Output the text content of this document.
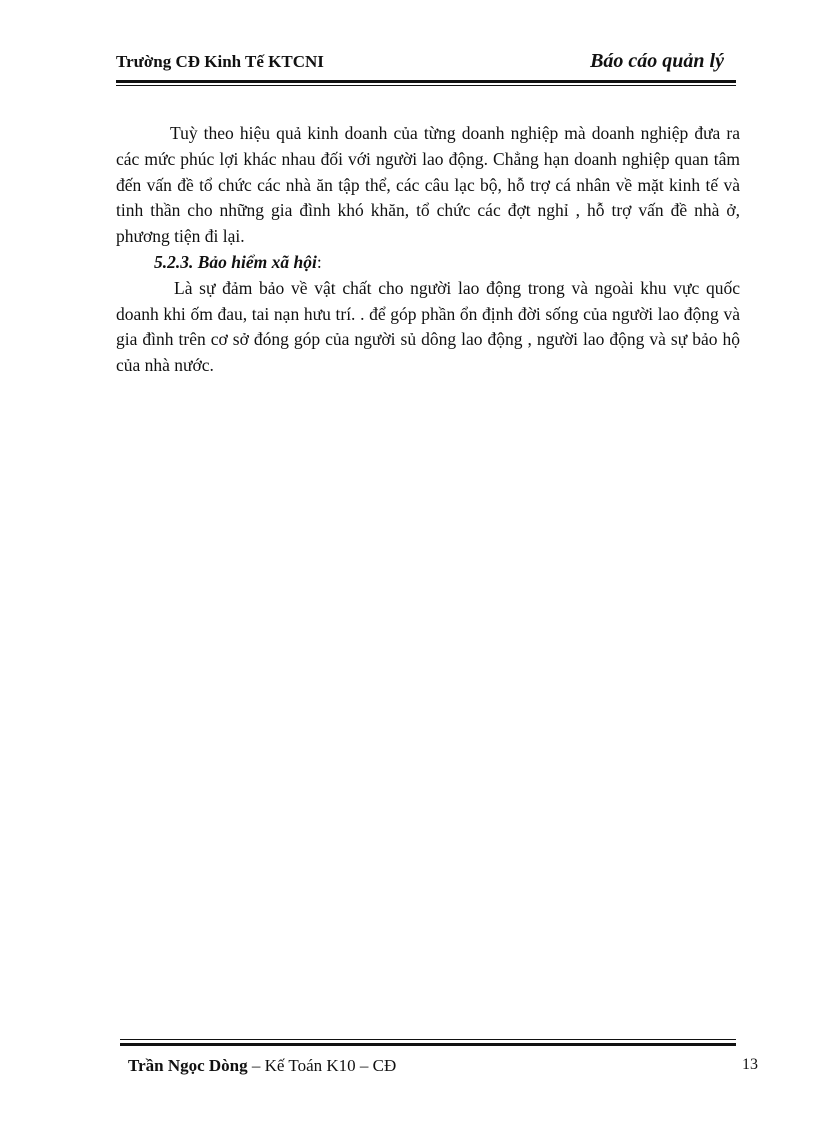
Trường CĐ Kinh Tế KTCNI	Báo cáo quản lý

Tuỳ theo hiệu quả kinh doanh của từng doanh nghiệp mà doanh nghiệp đưa ra các mức phúc lợi khác nhau đối với người lao động. Chẳng hạn doanh nghiệp quan tâm đến vấn đề tổ chức các nhà ăn tập thể, các câu lạc bộ, hỗ trợ cá nhân về mặt kinh tế và tinh thần cho những gia đình khó khăn, tổ chức các đợt nghỉ , hỗ trợ vấn đề nhà ở, phương tiện đi lại.

5.2.3. Bảo hiểm xã hội:

Là sự đảm bảo về vật chất cho người lao động trong và ngoài khu vực quốc doanh khi ốm đau, tai nạn hưu trí. . để góp phần ổn định đời sống của người lao động và gia đình trên cơ sở đóng góp của người sủ dông lao động , người lao động và sự bảo hộ của nhà nước.

Trần Ngọc Dòng – Kế Toán K10 – CĐ	13
